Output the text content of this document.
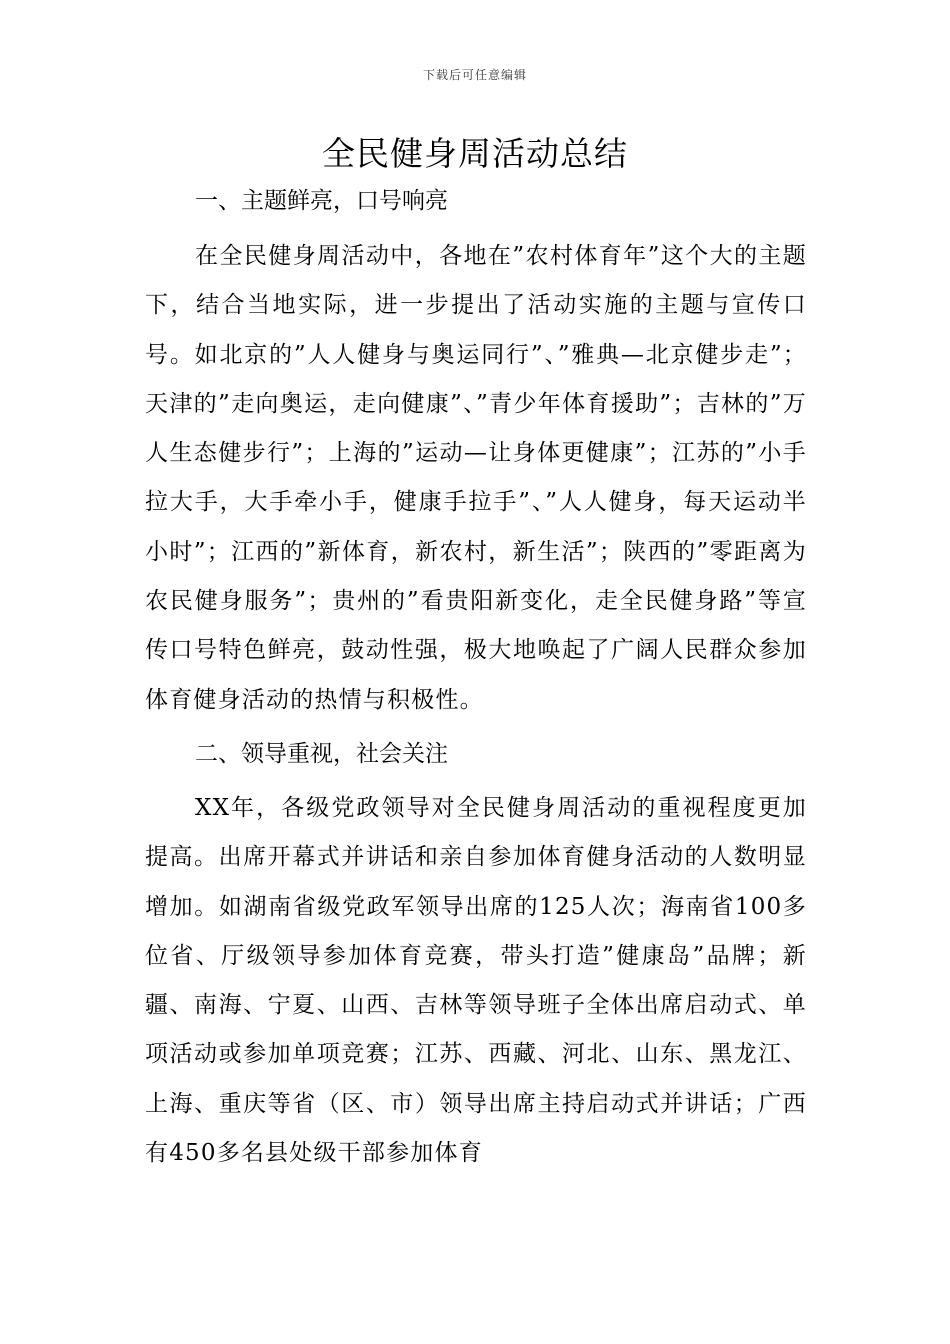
下载后可任意编辑
全民健身周活动总结

一、主题鲜亮，口号响亮

在全民健身周活动中，各地在”农村体育年”这个大的主题下，结合当地实际，进一步提出了活动实施的主题与宣传口号。如北京的”人人健身与奥运同行”、”雅典—北京健步走”；天津的”走向奥运，走向健康”、”青少年体育援助”；吉林的”万人生态健步行”；上海的”运动—让身体更健康”；江苏的”小手拉大手，大手牵小手，健康手拉手”、”人人健身，每天运动半小时”；江西的”新体育，新农村，新生活”；陕西的”零距离为农民健身服务”；贵州的”看贵阳新变化，走全民健身路”等宣传口号特色鲜亮，鼓动性强，极大地唤起了广阔人民群众参加体育健身活动的热情与积极性。

二、领导重视，社会关注

XX年，各级党政领导对全民健身周活动的重视程度更加提高。出席开幕式并讲话和亲自参加体育健身活动的人数明显增加。如湖南省级党政军领导出席的125人次；海南省100多位省、厅级领导参加体育竞赛，带头打造”健康岛”品牌；新疆、南海、宁夏、山西、吉林等领导班子全体出席启动式、单项活动或参加单项竞赛；江苏、西藏、河北、山东、黑龙江、上海、重庆等省（区、市）领导出席主持启动式并讲话；广西有450多名县处级干部参加体育
